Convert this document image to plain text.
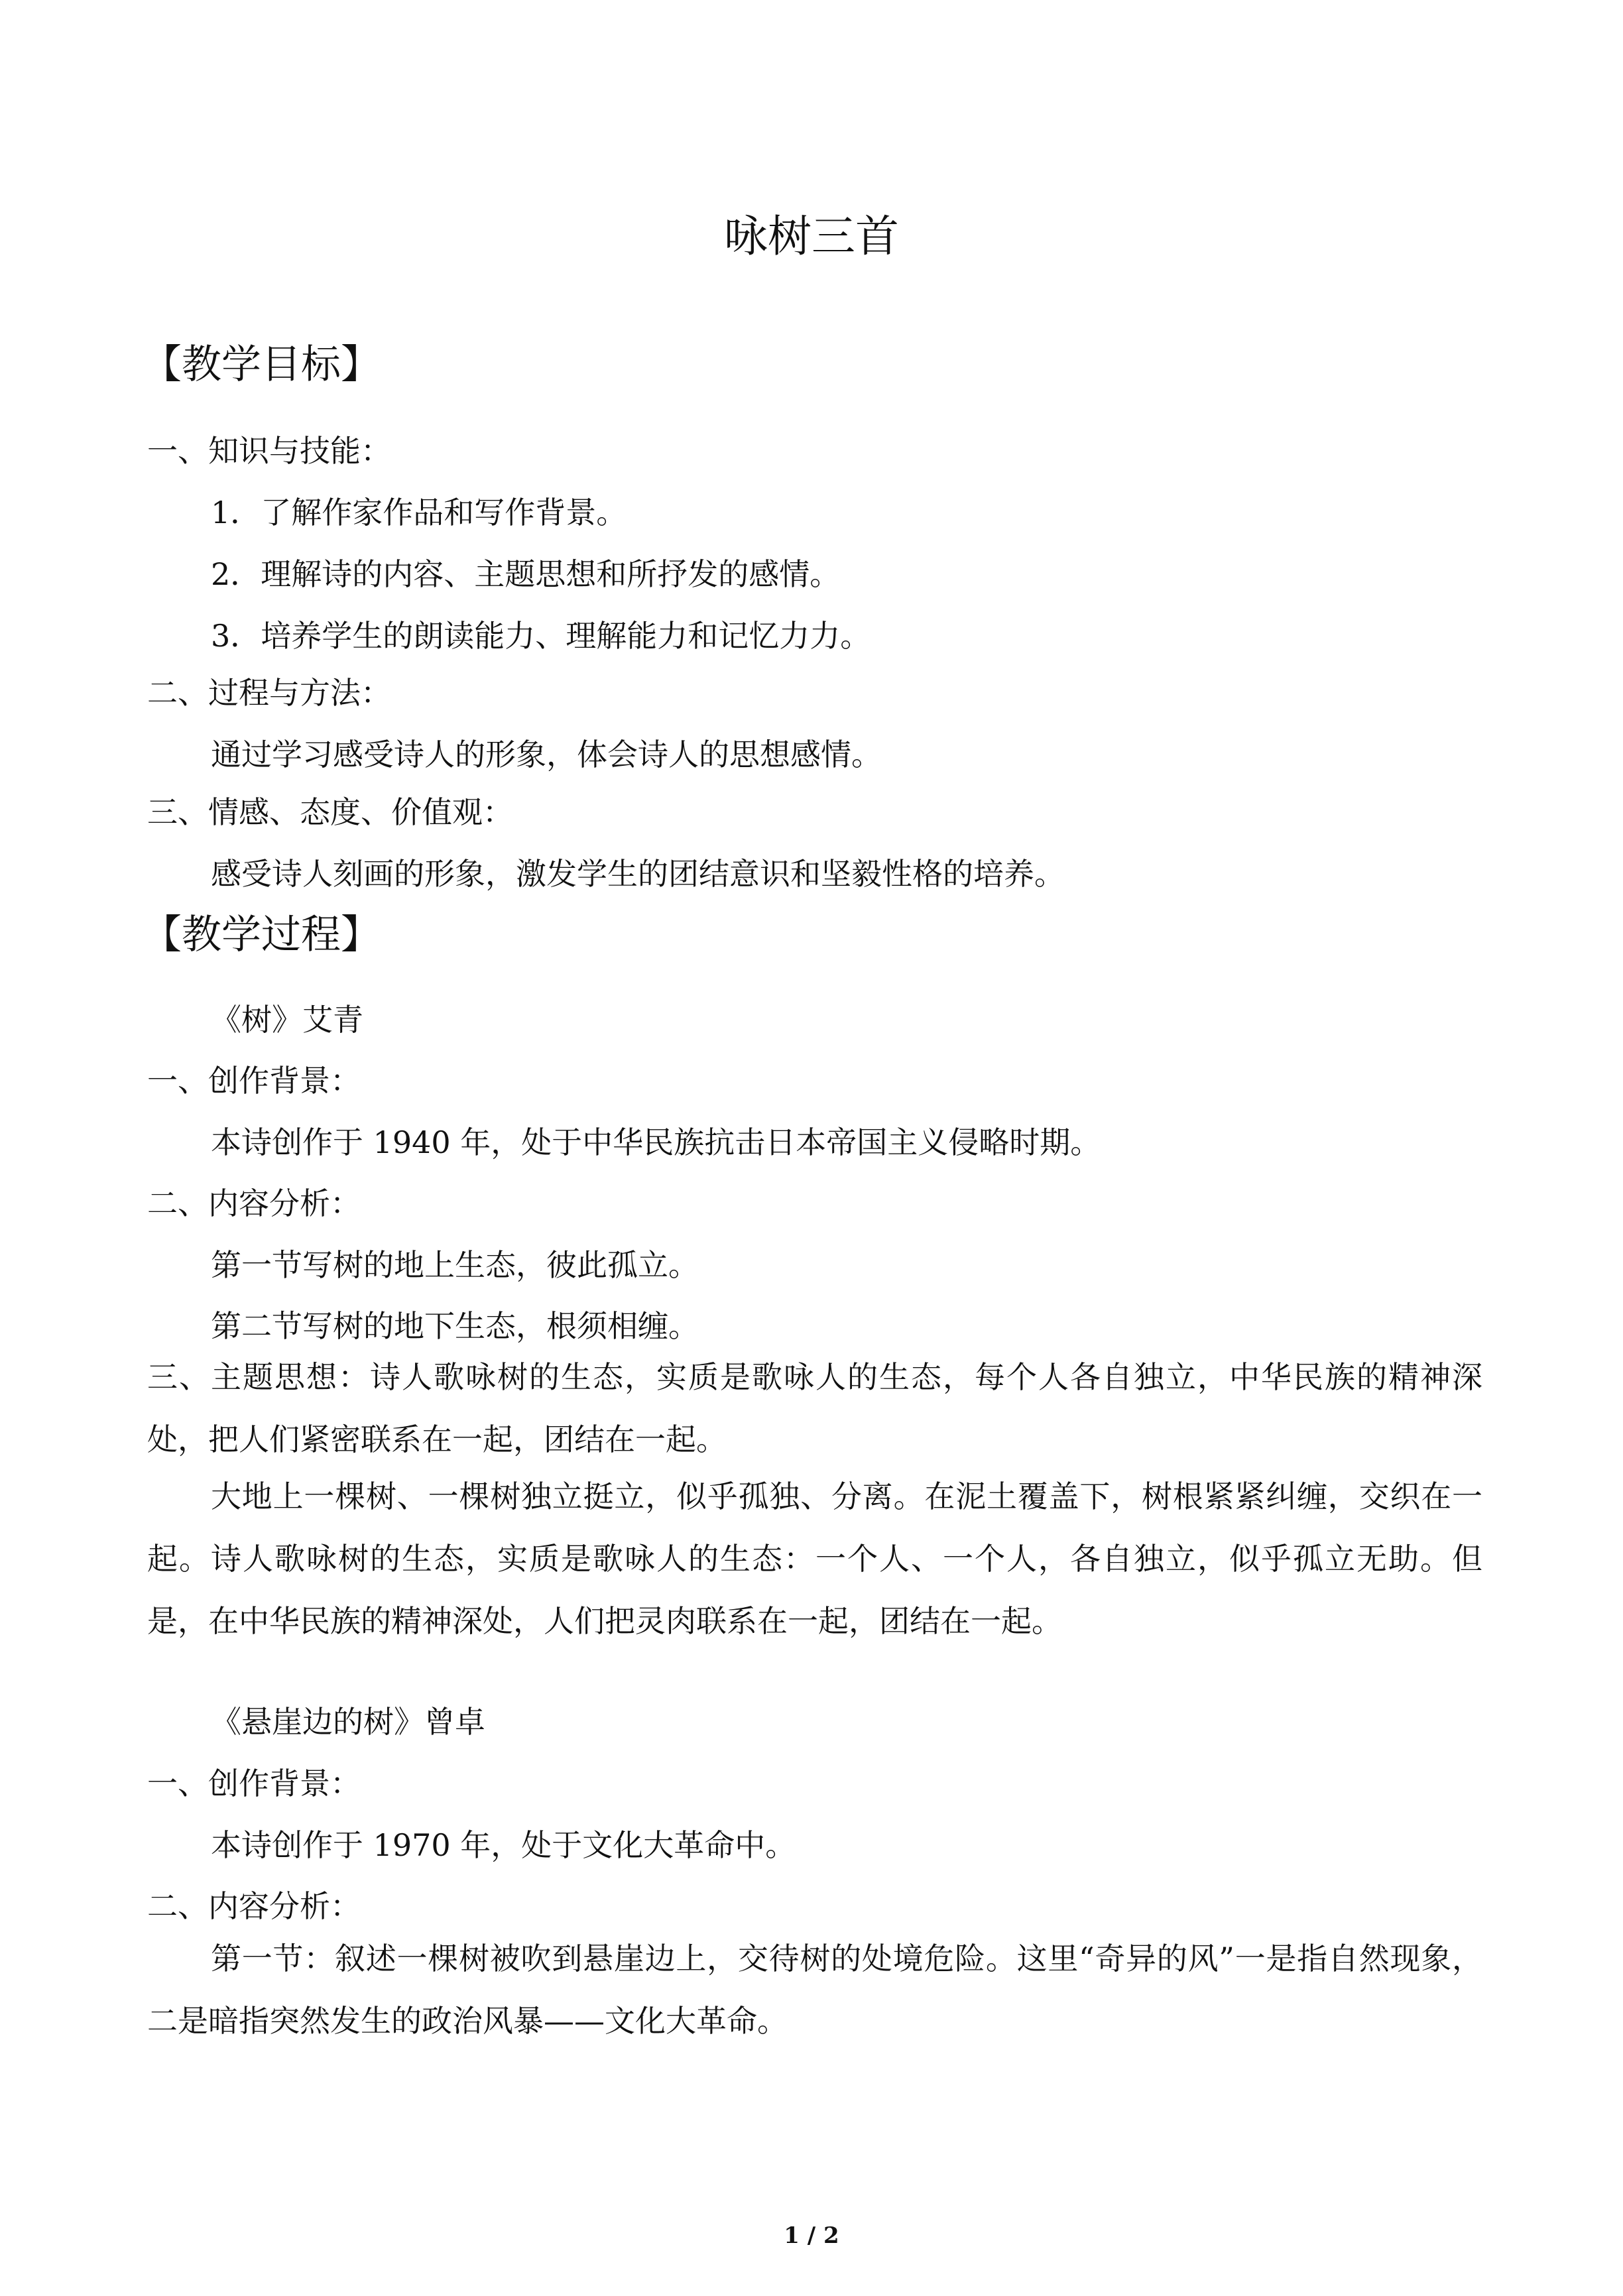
咏树三首
【教学目标】
一、知识与技能：
1．了解作家作品和写作背景。
2．理解诗的内容、主题思想和所抒发的感情。
3．培养学生的朗读能力、理解能力和记忆力力。
二、过程与方法：
通过学习感受诗人的形象，体会诗人的思想感情。
三、情感、态度、价值观：
感受诗人刻画的形象，激发学生的团结意识和坚毅性格的培养。
【教学过程】
《树》艾青
一、创作背景：
本诗创作于 1940 年，处于中华民族抗击日本帝国主义侵略时期。
二、内容分析：
第一节写树的地上生态，彼此孤立。
第二节写树的地下生态，根须相缠。
三、主题思想：诗人歌咏树的生态，实质是歌咏人的生态，每个人各自独立，中华民族的精神深处，把人们紧密联系在一起，团结在一起。
大地上一棵树、一棵树独立挺立，似乎孤独、分离。在泥土覆盖下，树根紧紧纠缠，交织在一起。诗人歌咏树的生态，实质是歌咏人的生态：一个人、一个人，各自独立，似乎孤立无助。但是，在中华民族的精神深处，人们把灵肉联系在一起，团结在一起。
《悬崖边的树》曾卓
一、创作背景：
本诗创作于 1970 年，处于文化大革命中。
二、内容分析：
第一节：叙述一棵树被吹到悬崖边上，交待树的处境危险。这里“奇异的风”一是指自然现象，二是暗指突然发生的政治风暴——文化大革命。
1 / 2
